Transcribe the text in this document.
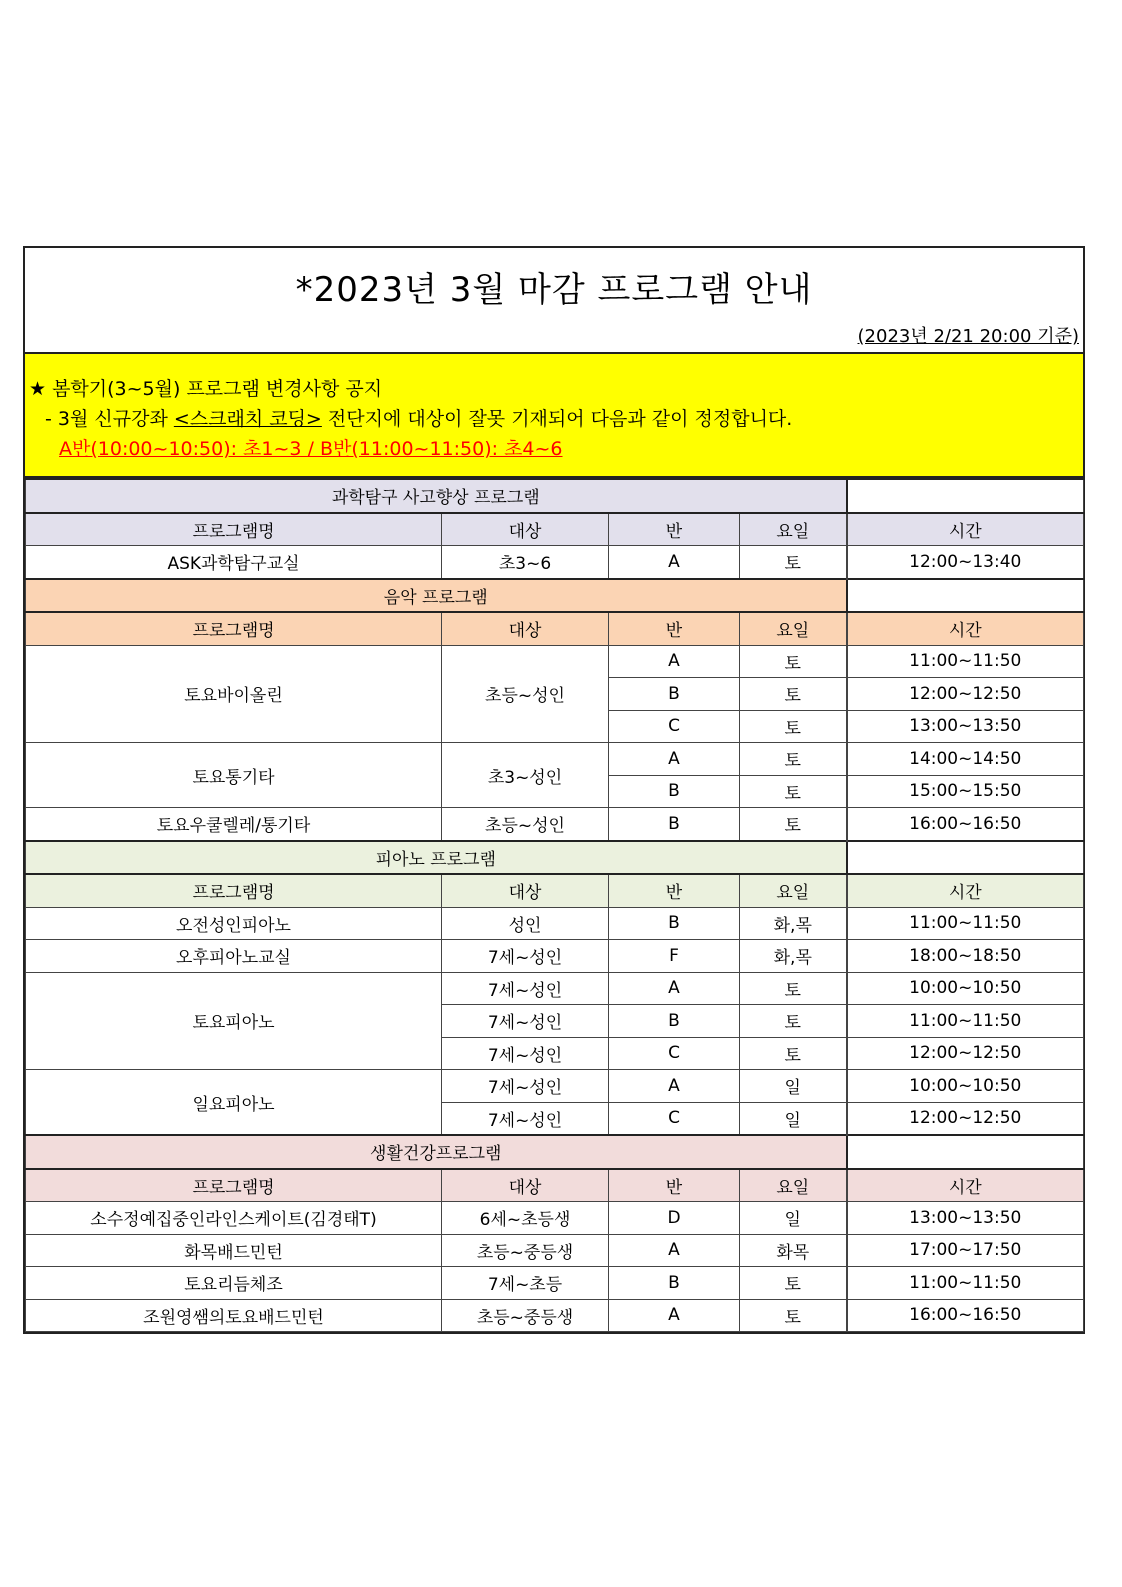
*2023년 3월 마감 프로그램 안내
(2023년 2/21 20:00 기준)
★ 봄학기(3~5월) 프로그램 변경사항 공지
- 3월 신규강좌 <스크래치 코딩> 전단지에 대상이 잘못 기재되어 다음과 같이 정정합니다.
A반(10:00~10:50): 초1~3 / B반(11:00~11:50): 초4~6
과학탐구 사고향상 프로그램				
프로그램명	대상	반	요일	시간
ASK과학탐구교실	초3~6	A	토	12:00~13:40
음악 프로그램				
프로그램명	대상	반	요일	시간
토요바이올린	초등~성인	A	토	11:00~11:50
		B	토	12:00~12:50
		C	토	13:00~13:50
토요통기타	초3~성인	A	토	14:00~14:50
		B	토	15:00~15:50
토요우쿨렐레/통기타	초등~성인	B	토	16:00~16:50
피아노 프로그램				
프로그램명	대상	반	요일	시간
오전성인피아노	성인	B	화,목	11:00~11:50
오후피아노교실	7세~성인	F	화,목	18:00~18:50
토요피아노	7세~성인	A	토	10:00~10:50
	7세~성인	B	토	11:00~11:50
	7세~성인	C	토	12:00~12:50
일요피아노	7세~성인	A	일	10:00~10:50
	7세~성인	C	일	12:00~12:50
생활건강프로그램				
프로그램명	대상	반	요일	시간
소수정예집중인라인스케이트(김경태T)	6세~초등생	D	일	13:00~13:50
화목배드민턴	초등~중등생	A	화목	17:00~17:50
토요리듬체조	7세~초등	B	토	11:00~11:50
조원영쌤의토요배드민턴	초등~중등생	A	토	16:00~16:50
